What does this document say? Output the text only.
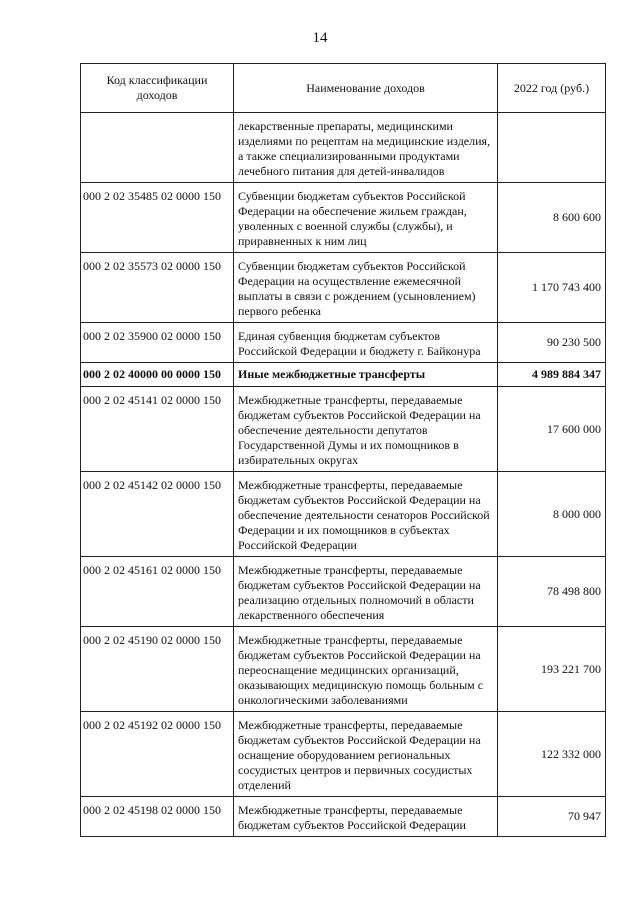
14
Код классификации доходов	Наименование доходов	2022 год (руб.)
	лекарственные препараты, медицинскими изделиями по рецептам на медицинские изделия, а также специализированными продуктами лечебного питания для детей-инвалидов	
000 2 02 35485 02 0000 150	Субвенции бюджетам субъектов Российской Федерации на обеспечение жильем граждан, уволенных с военной службы (службы), и приравненных к ним лиц	8 600 600
000 2 02 35573 02 0000 150	Субвенции бюджетам субъектов Российской Федерации на осуществление ежемесячной выплаты в связи с рождением (усыновлением) первого ребенка	1 170 743 400
000 2 02 35900 02 0000 150	Единая субвенция бюджетам субъектов Российской Федерации и бюджету г. Байконура	90 230 500
000 2 02 40000 00 0000 150	Иные межбюджетные трансферты	4 989 884 347
000 2 02 45141 02 0000 150	Межбюджетные трансферты, передаваемые бюджетам субъектов Российской Федерации на обеспечение деятельности депутатов Государственной Думы и их помощников в избирательных округах	17 600 000
000 2 02 45142 02 0000 150	Межбюджетные трансферты, передаваемые бюджетам субъектов Российской Федерации на обеспечение деятельности сенаторов Российской Федерации и их помощников в субъектах Российской Федерации	8 000 000
000 2 02 45161 02 0000 150	Межбюджетные трансферты, передаваемые бюджетам субъектов Российской Федерации на реализацию отдельных полномочий в области лекарственного обеспечения	78 498 800
000 2 02 45190 02 0000 150	Межбюджетные трансферты, передаваемые бюджетам субъектов Российской Федерации на переоснащение медицинских организаций, оказывающих медицинскую помощь больным с онкологическими заболеваниями	193 221 700
000 2 02 45192 02 0000 150	Межбюджетные трансферты, передаваемые бюджетам субъектов Российской Федерации на оснащение оборудованием региональных сосудистых центров и первичных сосудистых отделений	122 332 000
000 2 02 45198 02 0000 150	Межбюджетные трансферты, передаваемые бюджетам субъектов Российской Федерации	70 947
